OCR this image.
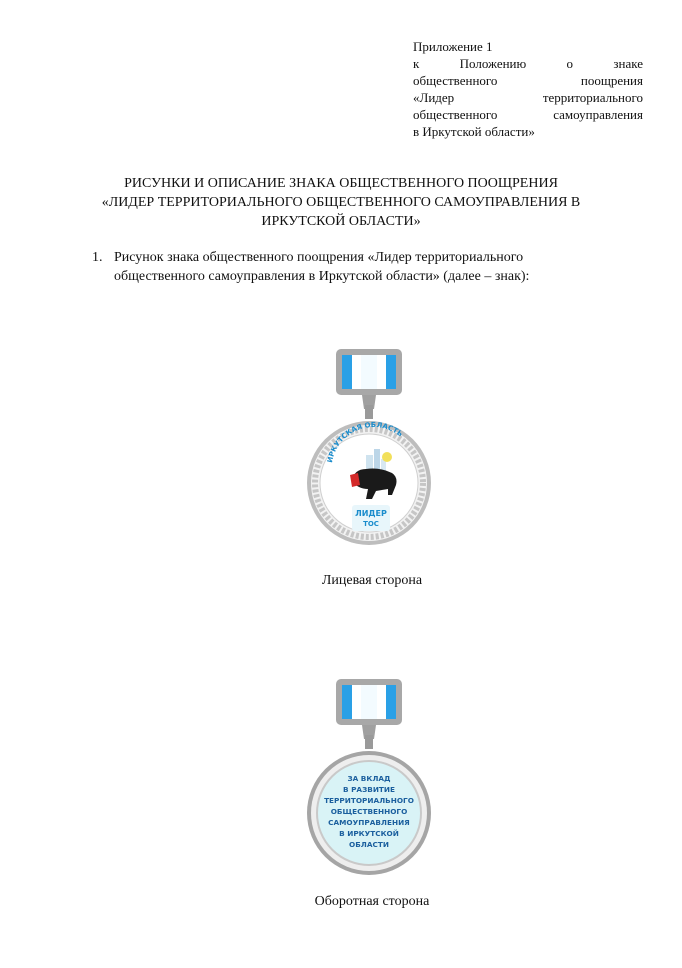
Приложение 1
к Положению о знаке
общественного поощрения
«Лидер территориального
общественного самоуправления
в Иркутской области»
РИСУНКИ И ОПИСАНИЕ ЗНАКА ОБЩЕСТВЕННОГО ПООЩРЕНИЯ
«ЛИДЕР ТЕРРИТОРИАЛЬНОГО ОБЩЕСТВЕННОГО САМОУПРАВЛЕНИЯ В
ИРКУТСКОЙ ОБЛАСТИ»
1. Рисунок знака общественного поощрения «Лидер территориального
общественного самоуправления в Иркутской области» (далее – знак):
ИРКУТСКАЯ ОБЛАСТЬ
ЛИДЕР
ТОС
Лицевая сторона
ЗА ВКЛАД
В РАЗВИТИЕ
ТЕРРИТОРИАЛЬНОГО
ОБЩЕСТВЕННОГО
САМОУПРАВЛЕНИЯ
В ИРКУТСКОЙ
ОБЛАСТИ
Оборотная сторона
